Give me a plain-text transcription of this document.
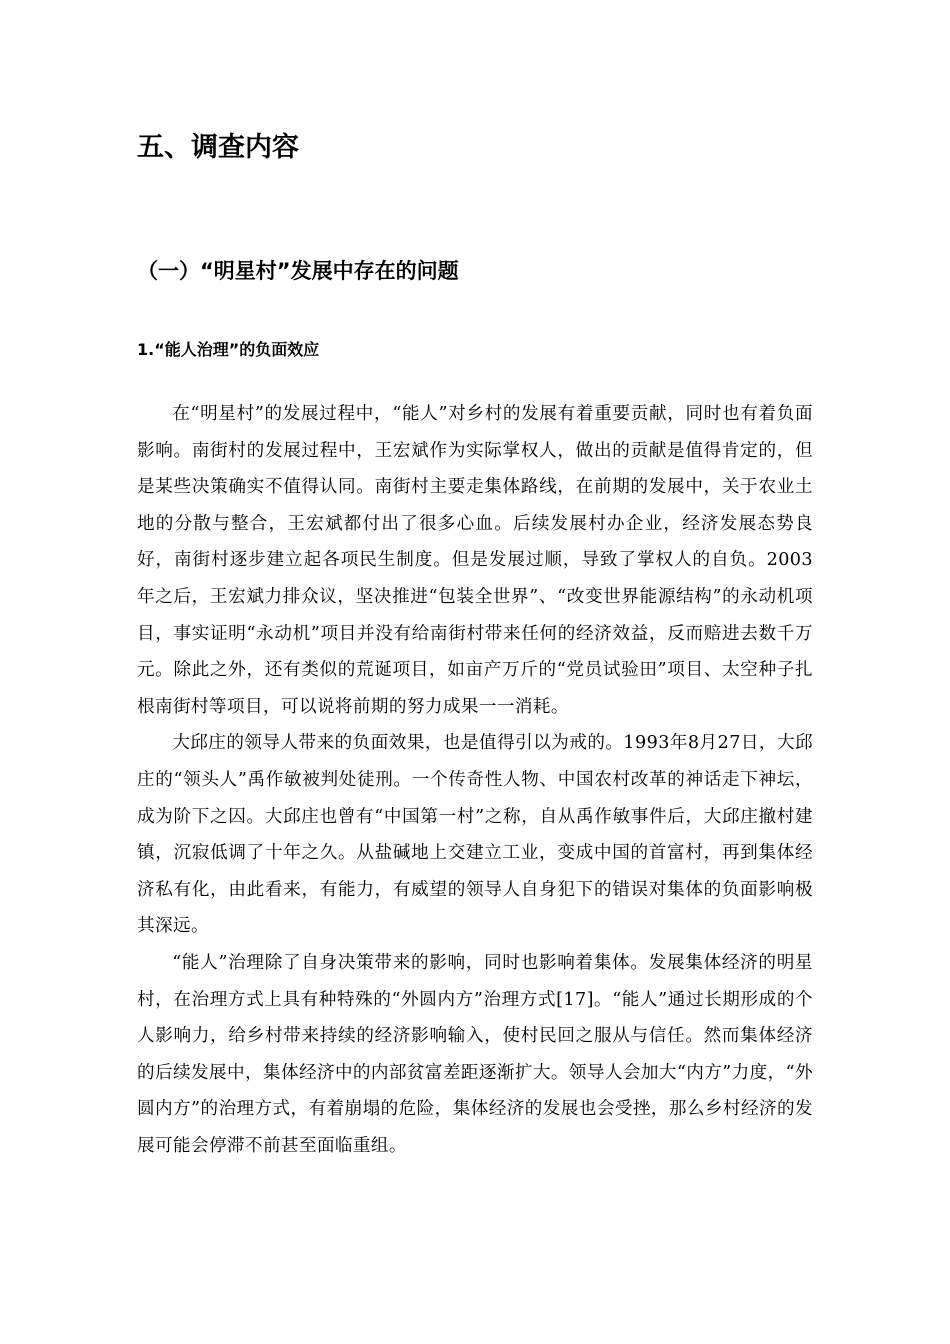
五、调查内容
（一）“明星村”发展中存在的问题
1.“能人治理”的负面效应

在“明星村”的发展过程中，“能人”对乡村的发展有着重要贡献，同时也有着负面影响。南街村的发展过程中，王宏斌作为实际掌权人，做出的贡献是值得肯定的，但是某些决策确实不值得认同。南街村主要走集体路线，在前期的发展中，关于农业土地的分散与整合，王宏斌都付出了很多心血。后续发展村办企业，经济发展态势良好，南街村逐步建立起各项民生制度。但是发展过顺，导致了掌权人的自负。2003年之后，王宏斌力排众议，坚决推进“包装全世界”、“改变世界能源结构”的永动机项目，事实证明“永动机”项目并没有给南街村带来任何的经济效益，反而赔进去数千万元。除此之外，还有类似的荒诞项目，如亩产万斤的“党员试验田”项目、太空种子扎根南街村等项目，可以说将前期的努力成果一一消耗。

大邱庄的领导人带来的负面效果，也是值得引以为戒的。1993年8月27日，大邱庄的“领头人”禹作敏被判处徒刑。一个传奇性人物、中国农村改革的神话走下神坛，成为阶下之囚。大邱庄也曾有“中国第一村”之称，自从禹作敏事件后，大邱庄撤村建镇，沉寂低调了十年之久。从盐碱地上交建立工业，变成中国的首富村，再到集体经济私有化，由此看来，有能力，有威望的领导人自身犯下的错误对集体的负面影响极其深远。

“能人”治理除了自身决策带来的影响，同时也影响着集体。发展集体经济的明星村，在治理方式上具有种特殊的“外圆内方”治理方式[17]。“能人”通过长期形成的个人影响力，给乡村带来持续的经济影响输入，使村民回之服从与信任。然而集体经济的后续发展中，集体经济中的内部贫富差距逐渐扩大。领导人会加大“内方”力度，“外圆内方”的治理方式，有着崩塌的危险，集体经济的发展也会受挫，那么乡村经济的发展可能会停滞不前甚至面临重组。
